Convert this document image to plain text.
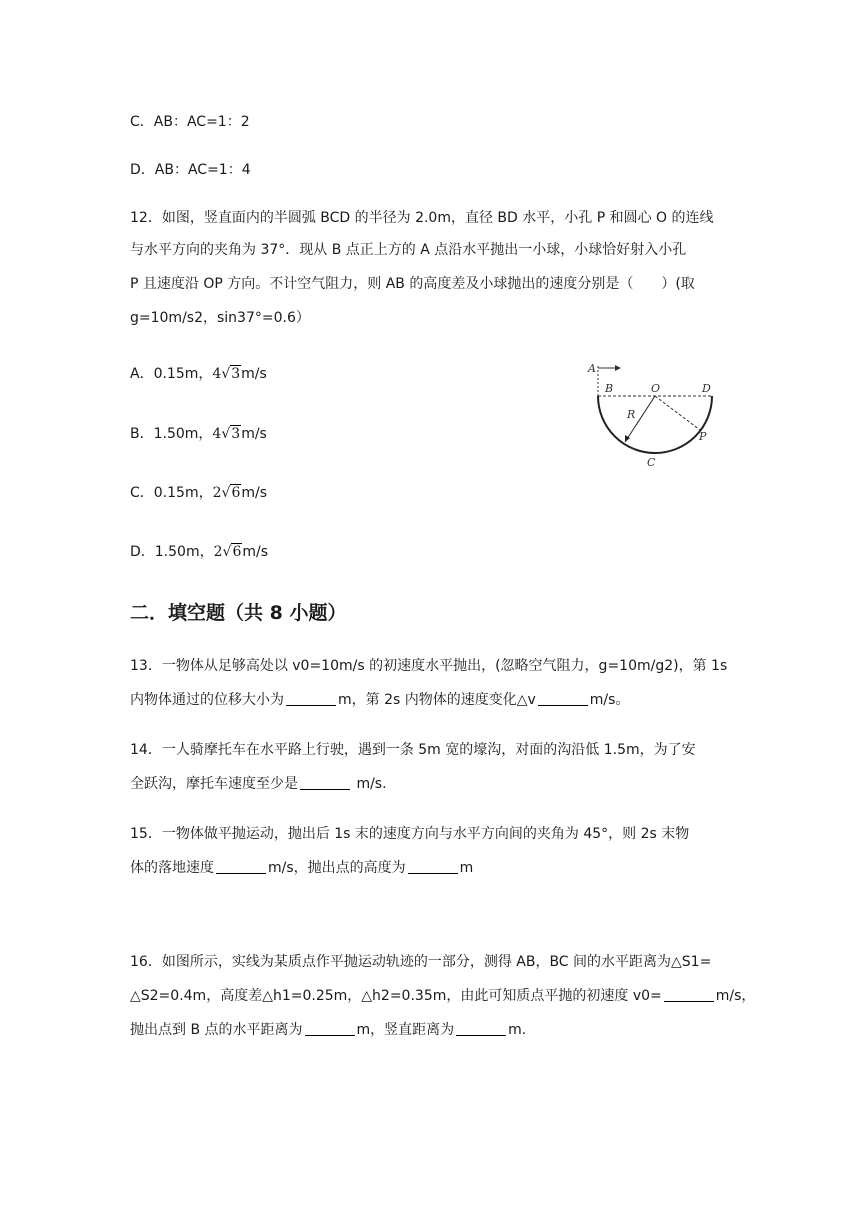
C．AB：AC=1：2
D．AB：AC=1：4
12．如图，竖直面内的半圆弧 BCD 的半径为 2.0m，直径 BD 水平，小孔 P 和圆心 O 的连线
与水平方向的夹角为 37°．现从 B 点正上方的 A 点沿水平抛出一小球，小球恰好射入小孔
P 且速度沿 OP 方向。不计空气阻力，则 AB 的高度差及小球抛出的速度分别是（　　）(取
g=10m/s2，sin37°=0.6）
A．0.15m，4√3m/s
B．1.50m，4√3m/s
C．0.15m，2√6m/s
D．1.50m，2√6m/s
A
B	O	D
R
P
C
二．填空题（共 8 小题）
13．一物体从足够高处以 v0=10m/s 的初速度水平抛出，(忽略空气阻力，g=10m/g2)，第 1s
内物体通过的位移大小为	m，第 2s 内物体的速度变化△v	m/s。
14．一人骑摩托车在水平路上行驶，遇到一条 5m 宽的壕沟，对面的沟沿低 1.5m，为了安
全跃沟，摩托车速度至少是	m/s.
15．一物体做平抛运动，抛出后 1s 末的速度方向与水平方向间的夹角为 45°，则 2s 末物
体的落地速度	m/s，抛出点的高度为	m
16．如图所示，实线为某质点作平抛运动轨迹的一部分，测得 AB，BC 间的水平距离为△S1=
△S2=0.4m，高度差△h1=0.25m，△h2=0.35m，由此可知质点平抛的初速度 v0=	m/s，
抛出点到 B 点的水平距离为	m，竖直距离为	m.
